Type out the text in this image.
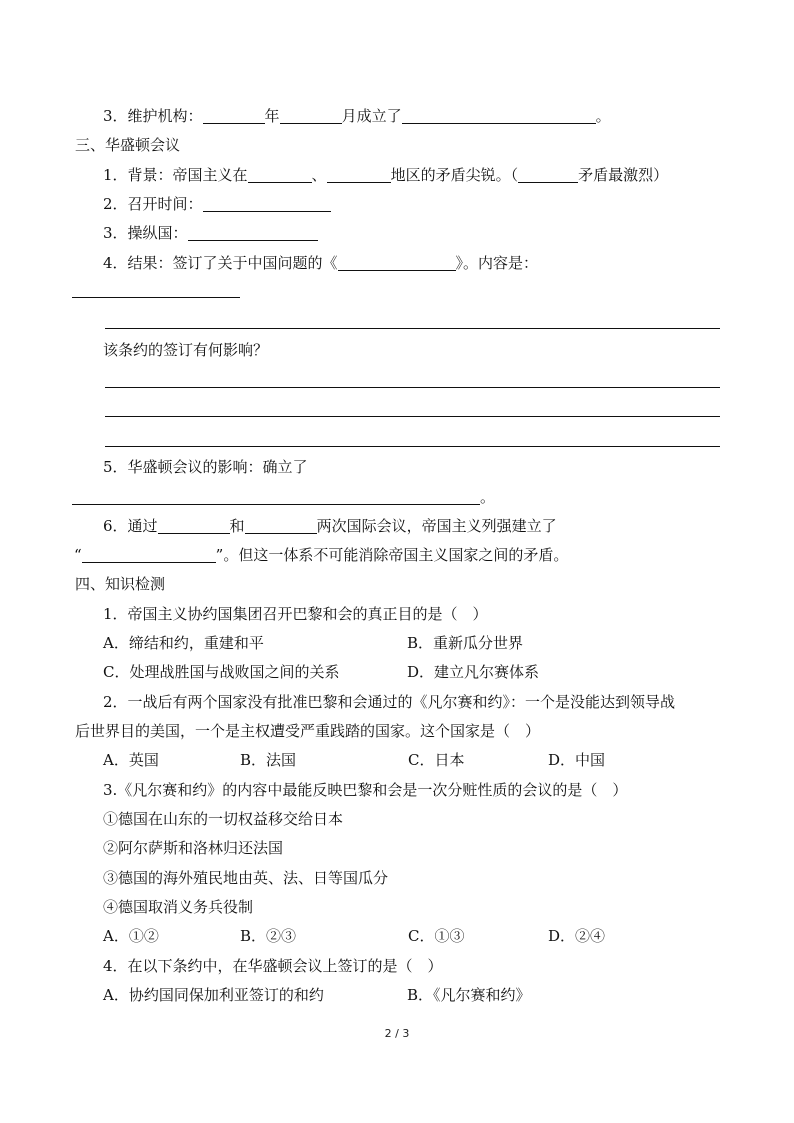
3．维护机构：	年	月成立了	。
三、华盛顿会议
1．背景：帝国主义在	、	地区的矛盾尖锐。（	矛盾最激烈）
2．召开时间：
3．操纵国：
4．结果：签订了关于中国问题的《	》。内容是：
该条约的签订有何影响？
5．华盛顿会议的影响：确立了
。
6．通过	和	两次国际会议，帝国主义列强建立了
“	”。但这一体系不可能消除帝国主义国家之间的矛盾。
四、知识检测
1．帝国主义协约国集团召开巴黎和会的真正目的是（　）
A．缔结和约，重建和平	B．重新瓜分世界
C．处理战胜国与战败国之间的关系	D．建立凡尔赛体系
2．一战后有两个国家没有批准巴黎和会通过的《凡尔赛和约》：一个是没能达到领导战
后世界目的美国，一个是主权遭受严重践踏的国家。这个国家是（　）
A．英国	B．法国	C．日本	D．中国
3.《凡尔赛和约》的内容中最能反映巴黎和会是一次分赃性质的会议的是（　）
①德国在山东的一切权益移交给日本
②阿尔萨斯和洛林归还法国
③德国的海外殖民地由英、法、日等国瓜分
④德国取消义务兵役制
A．①②	B．②③	C．①③	D．②④
4．在以下条约中，在华盛顿会议上签订的是（　）
A．协约国同保加利亚签订的和约	B．《凡尔赛和约》
2 / 3
